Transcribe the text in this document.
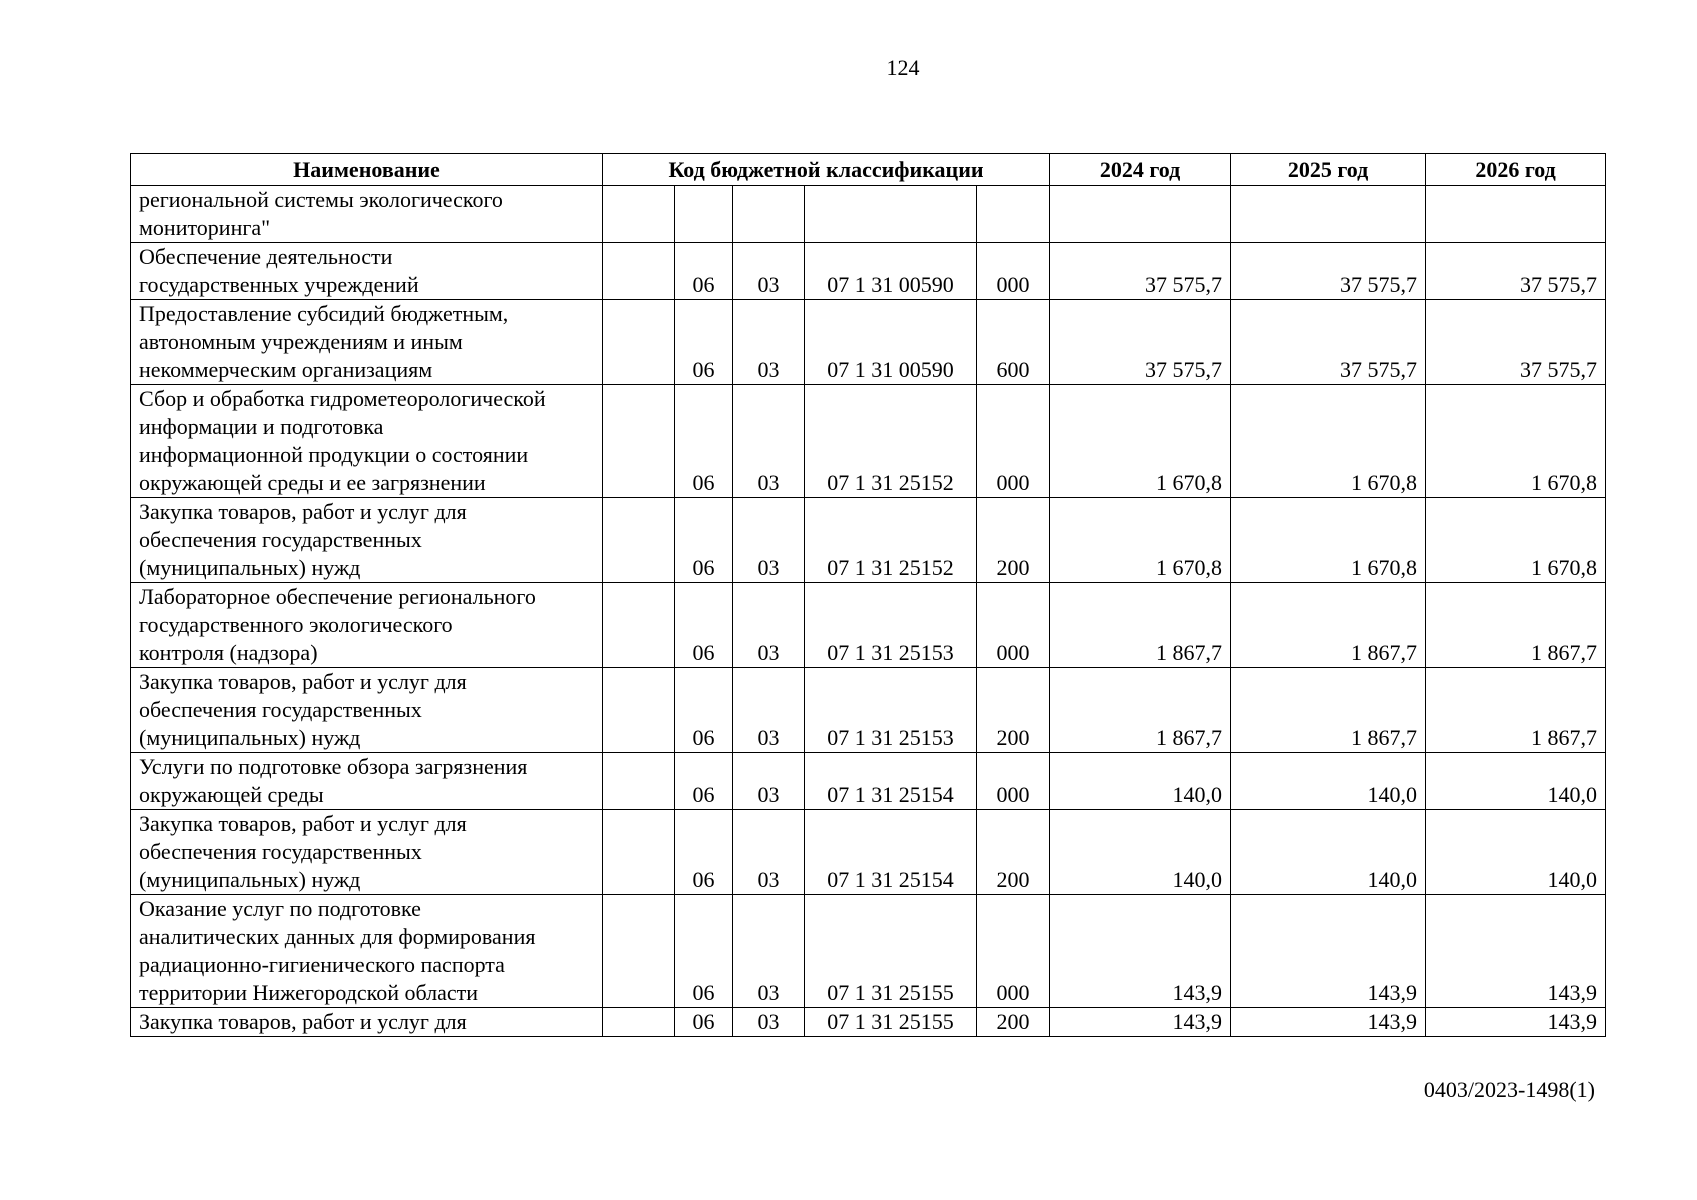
124
Наименование	Код бюджетной классификации					2024 год	2025 год	2026 год

региональной системы экологического
мониторинга"								

Обеспечение деятельности
государственных учреждений		06	03	07 1 31 00590	000	37 575,7	37 575,7	37 575,7

Предоставление субсидий бюджетным,
автономным учреждениям и иным
некоммерческим организациям		06	03	07 1 31 00590	600	37 575,7	37 575,7	37 575,7

Сбор и обработка гидрометеорологической
информации и подготовка
информационной продукции о состоянии
окружающей среды и ее загрязнении		06	03	07 1 31 25152	000	1 670,8	1 670,8	1 670,8

Закупка товаров, работ и услуг для
обеспечения государственных
(муниципальных) нужд		06	03	07 1 31 25152	200	1 670,8	1 670,8	1 670,8

Лабораторное обеспечение регионального
государственного экологического
контроля (надзора)		06	03	07 1 31 25153	000	1 867,7	1 867,7	1 867,7

Закупка товаров, работ и услуг для
обеспечения государственных
(муниципальных) нужд		06	03	07 1 31 25153	200	1 867,7	1 867,7	1 867,7

Услуги по подготовке обзора загрязнения
окружающей среды		06	03	07 1 31 25154	000	140,0	140,0	140,0

Закупка товаров, работ и услуг для
обеспечения государственных
(муниципальных) нужд		06	03	07 1 31 25154	200	140,0	140,0	140,0

Оказание услуг по подготовке
аналитических данных для формирования
радиационно-гигиенического паспорта
территории Нижегородской области		06	03	07 1 31 25155	000	143,9	143,9	143,9

Закупка товаров, работ и услуг для		06	03	07 1 31 25155	200	143,9	143,9	143,9
0403/2023-1498(1)
